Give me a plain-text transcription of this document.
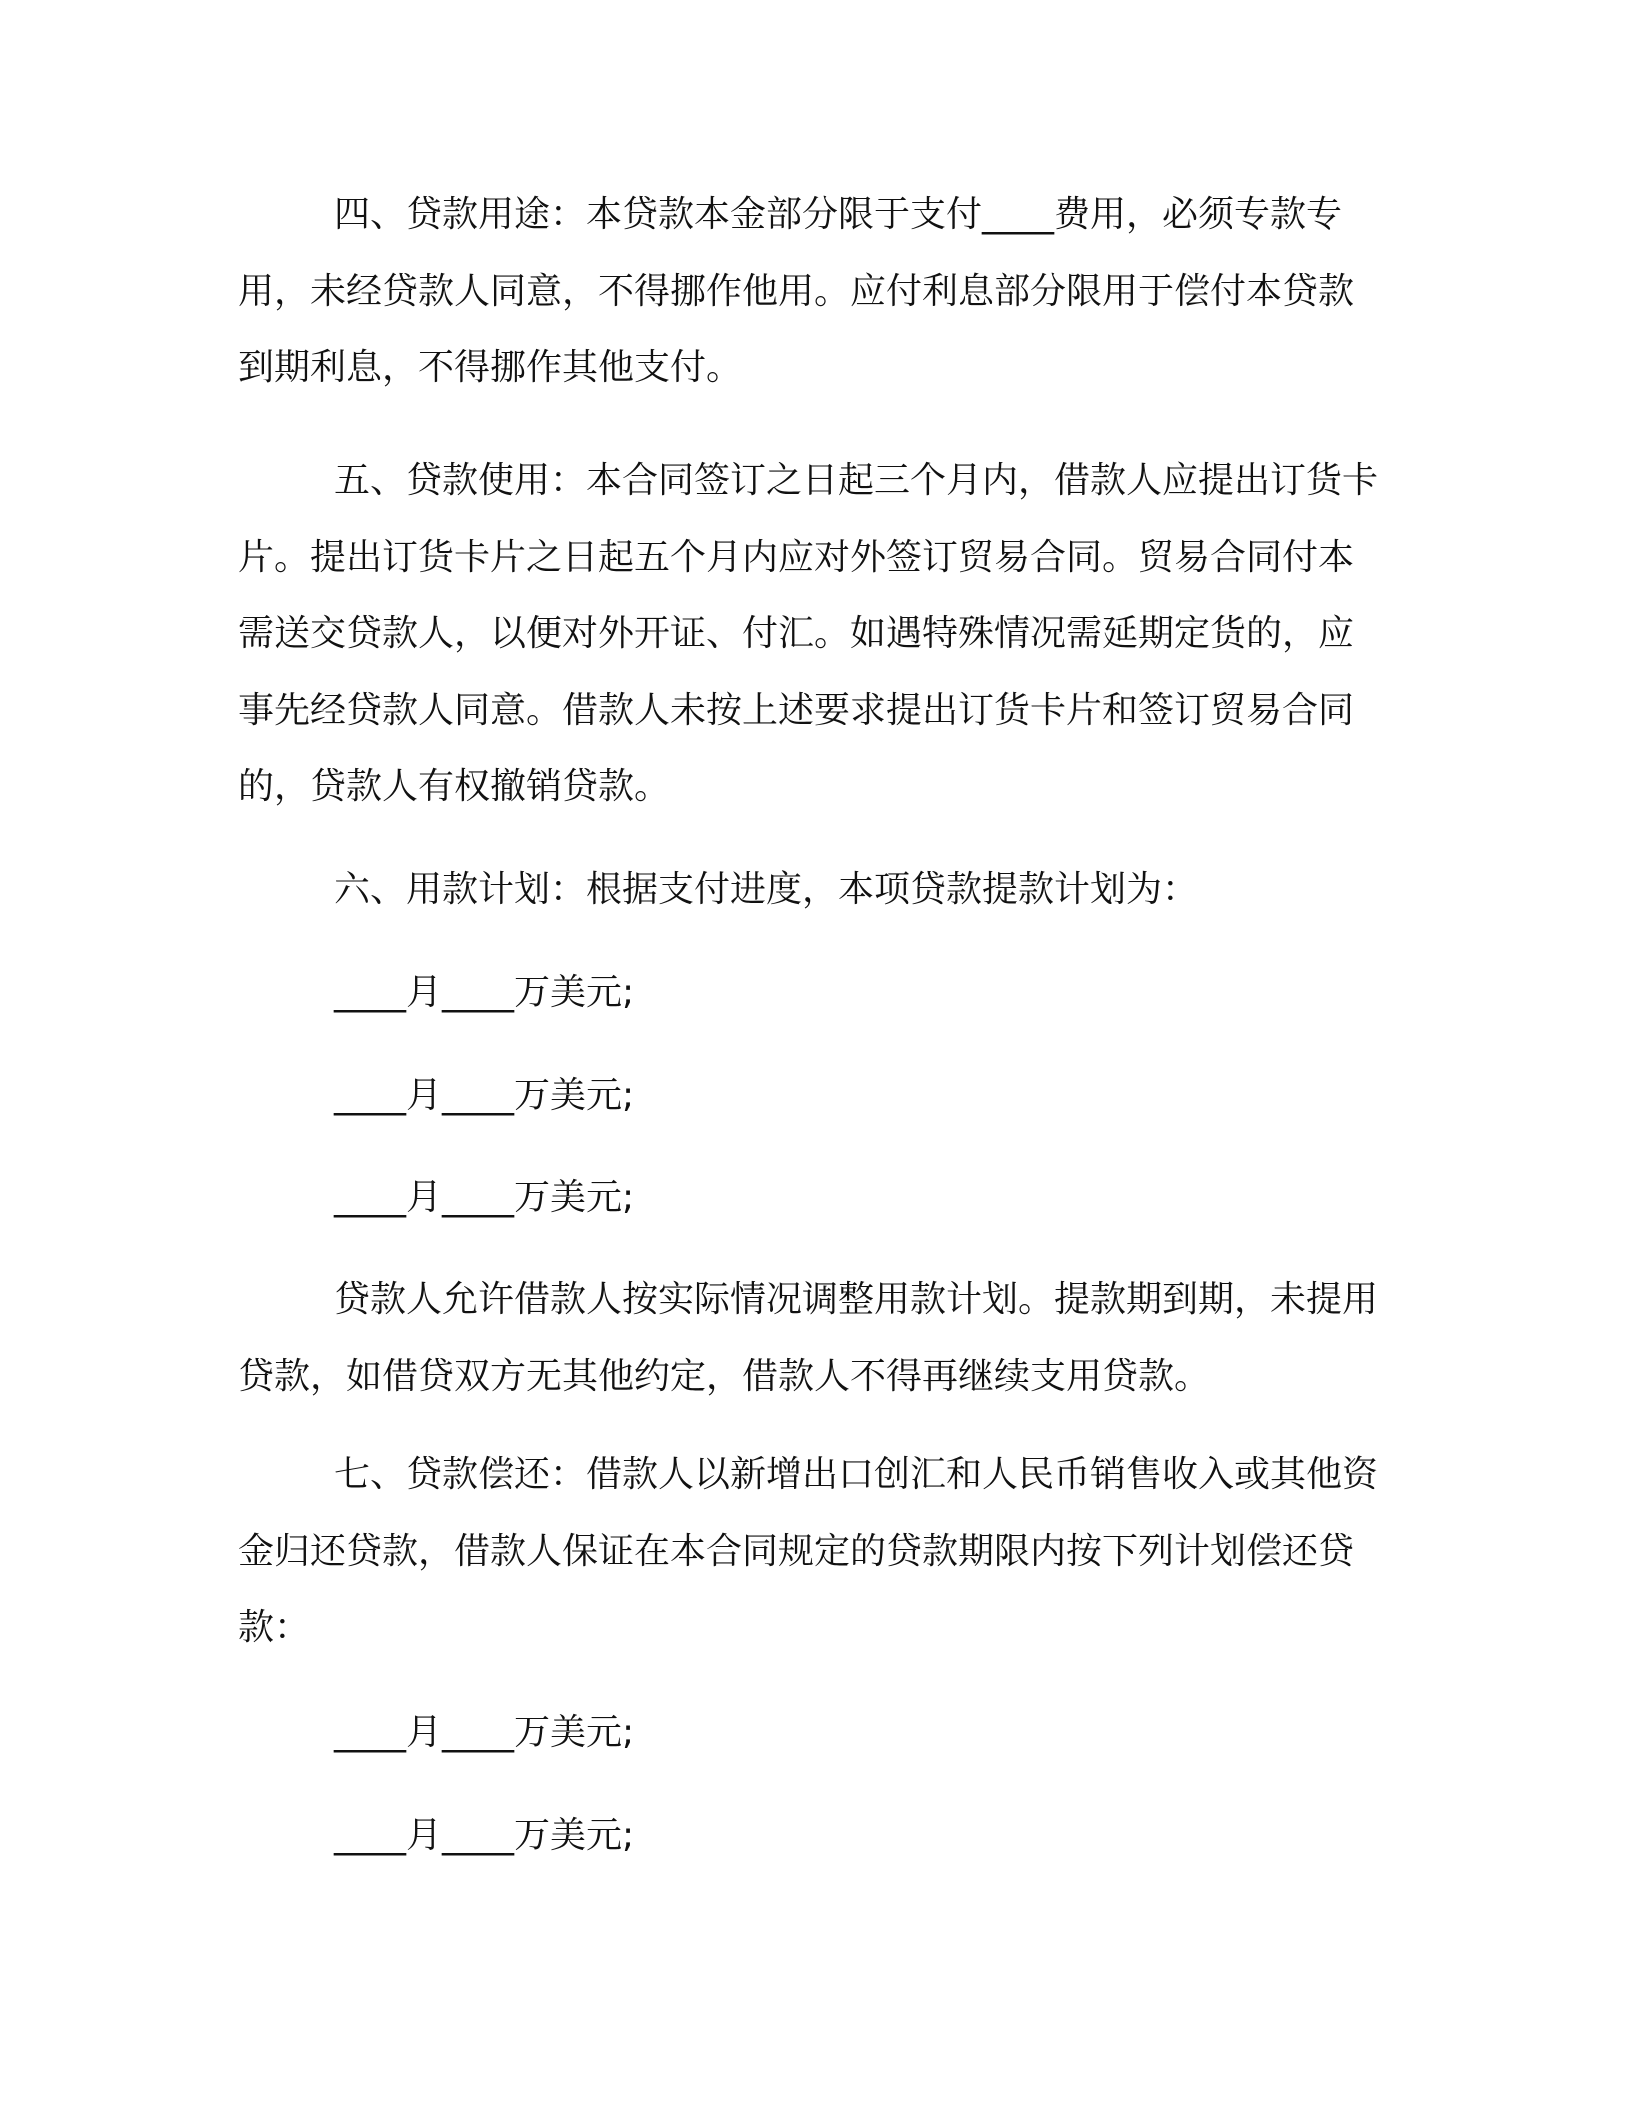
四、贷款用途：本贷款本金部分限于支付____费用，必须专款专用，未经贷款人同意，不得挪作他用。应付利息部分限用于偿付本贷款到期利息，不得挪作其他支付。

五、贷款使用：本合同签订之日起三个月内，借款人应提出订货卡片。提出订货卡片之日起五个月内应对外签订贸易合同。贸易合同付本需送交贷款人，以便对外开证、付汇。如遇特殊情况需延期定货的，应事先经贷款人同意。借款人未按上述要求提出订货卡片和签订贸易合同的，贷款人有权撤销贷款。

六、用款计划：根据支付进度，本项贷款提款计划为：

____月____万美元;

____月____万美元;

____月____万美元;

贷款人允许借款人按实际情况调整用款计划。提款期到期，未提用贷款，如借贷双方无其他约定，借款人不得再继续支用贷款。

七、贷款偿还：借款人以新增出口创汇和人民币销售收入或其他资金归还贷款，借款人保证在本合同规定的贷款期限内按下列计划偿还贷款：

____月____万美元;

____月____万美元;
